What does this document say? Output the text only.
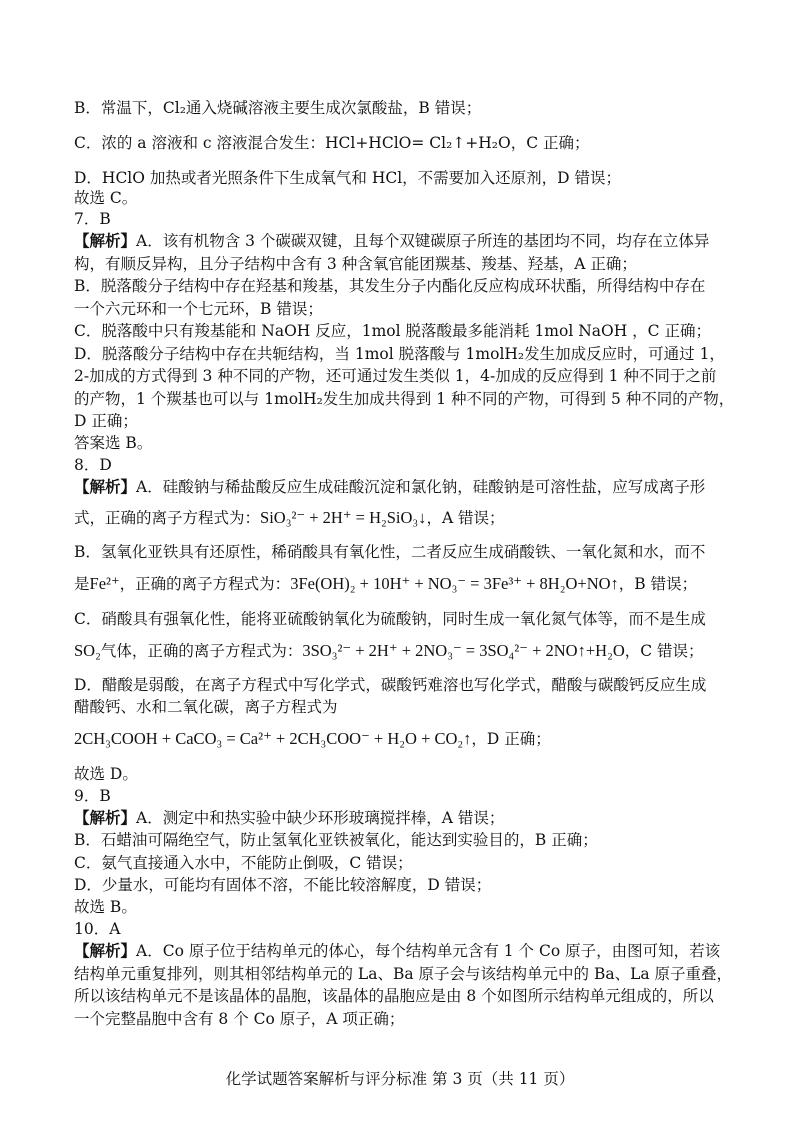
B．常温下，Cl₂通入烧碱溶液主要生成次氯酸盐，B 错误；
C．浓的 a 溶液和 c 溶液混合发生：HCl+HClO= Cl₂↑+H₂O，C 正确；
D．HClO 加热或者光照条件下生成氧气和 HCl，不需要加入还原剂，D 错误；
故选 C。
7．B
【解析】A．该有机物含 3 个碳碳双键，且每个双键碳原子所连的基团均不同，均存在立体异
构，有顺反异构，且分子结构中含有 3 种含氧官能团羰基、羧基、羟基，A 正确；
B．脱落酸分子结构中存在羟基和羧基，其发生分子内酯化反应构成环状酯，所得结构中存在
一个六元环和一个七元环，B 错误；
C．脱落酸中只有羧基能和 NaOH 反应，1mol 脱落酸最多能消耗 1mol NaOH ，C 正确；
D．脱落酸分子结构中存在共轭结构，当 1mol 脱落酸与 1molH₂发生加成反应时，可通过 1，
2-加成的方式得到 3 种不同的产物，还可通过发生类似 1，4-加成的反应得到 1 种不同于之前
的产物，1 个羰基也可以与 1molH₂发生加成共得到 1 种不同的产物，可得到 5 种不同的产物，
D 正确；
答案选 B。
8．D
【解析】A．硅酸钠与稀盐酸反应生成硅酸沉淀和氯化钠，硅酸钠是可溶性盐，应写成离子形
式，正确的离子方程式为：SiO₃²⁻ + 2H⁺ = H₂SiO₃↓，A 错误；
B．氢氧化亚铁具有还原性，稀硝酸具有氧化性，二者反应生成硝酸铁、一氧化氮和水，而不
是Fe²⁺，正确的离子方程式为：3Fe(OH)₂ + 10H⁺ + NO₃⁻ = 3Fe³⁺ + 8H₂O+NO↑，B 错误；
C．硝酸具有强氧化性，能将亚硫酸钠氧化为硫酸钠，同时生成一氧化氮气体等，而不是生成
SO₂气体，正确的离子方程式为：3SO₃²⁻ + 2H⁺ + 2NO₃⁻ = 3SO₄²⁻ + 2NO↑+H₂O，C 错误；
D．醋酸是弱酸，在离子方程式中写化学式，碳酸钙难溶也写化学式，醋酸与碳酸钙反应生成
醋酸钙、水和二氧化碳，离子方程式为
2CH₃COOH + CaCO₃ = Ca²⁺ + 2CH₃COO⁻ + H₂O + CO₂↑，D 正确；
故选 D。
9．B
【解析】A．测定中和热实验中缺少环形玻璃搅拌棒，A 错误；
B．石蜡油可隔绝空气，防止氢氧化亚铁被氧化，能达到实验目的，B 正确；
C．氨气直接通入水中，不能防止倒吸，C 错误；
D．少量水，可能均有固体不溶，不能比较溶解度，D 错误；
故选 B。
10．A
【解析】A．Co 原子位于结构单元的体心，每个结构单元含有 1 个 Co 原子，由图可知，若该
结构单元重复排列，则其相邻结构单元的 La、Ba 原子会与该结构单元中的 Ba、La 原子重叠，
所以该结构单元不是该晶体的晶胞，该晶体的晶胞应是由 8 个如图所示结构单元组成的，所以
一个完整晶胞中含有 8 个 Co 原子，A 项正确；
化学试题答案解析与评分标准 第 3 页（共 11 页）
